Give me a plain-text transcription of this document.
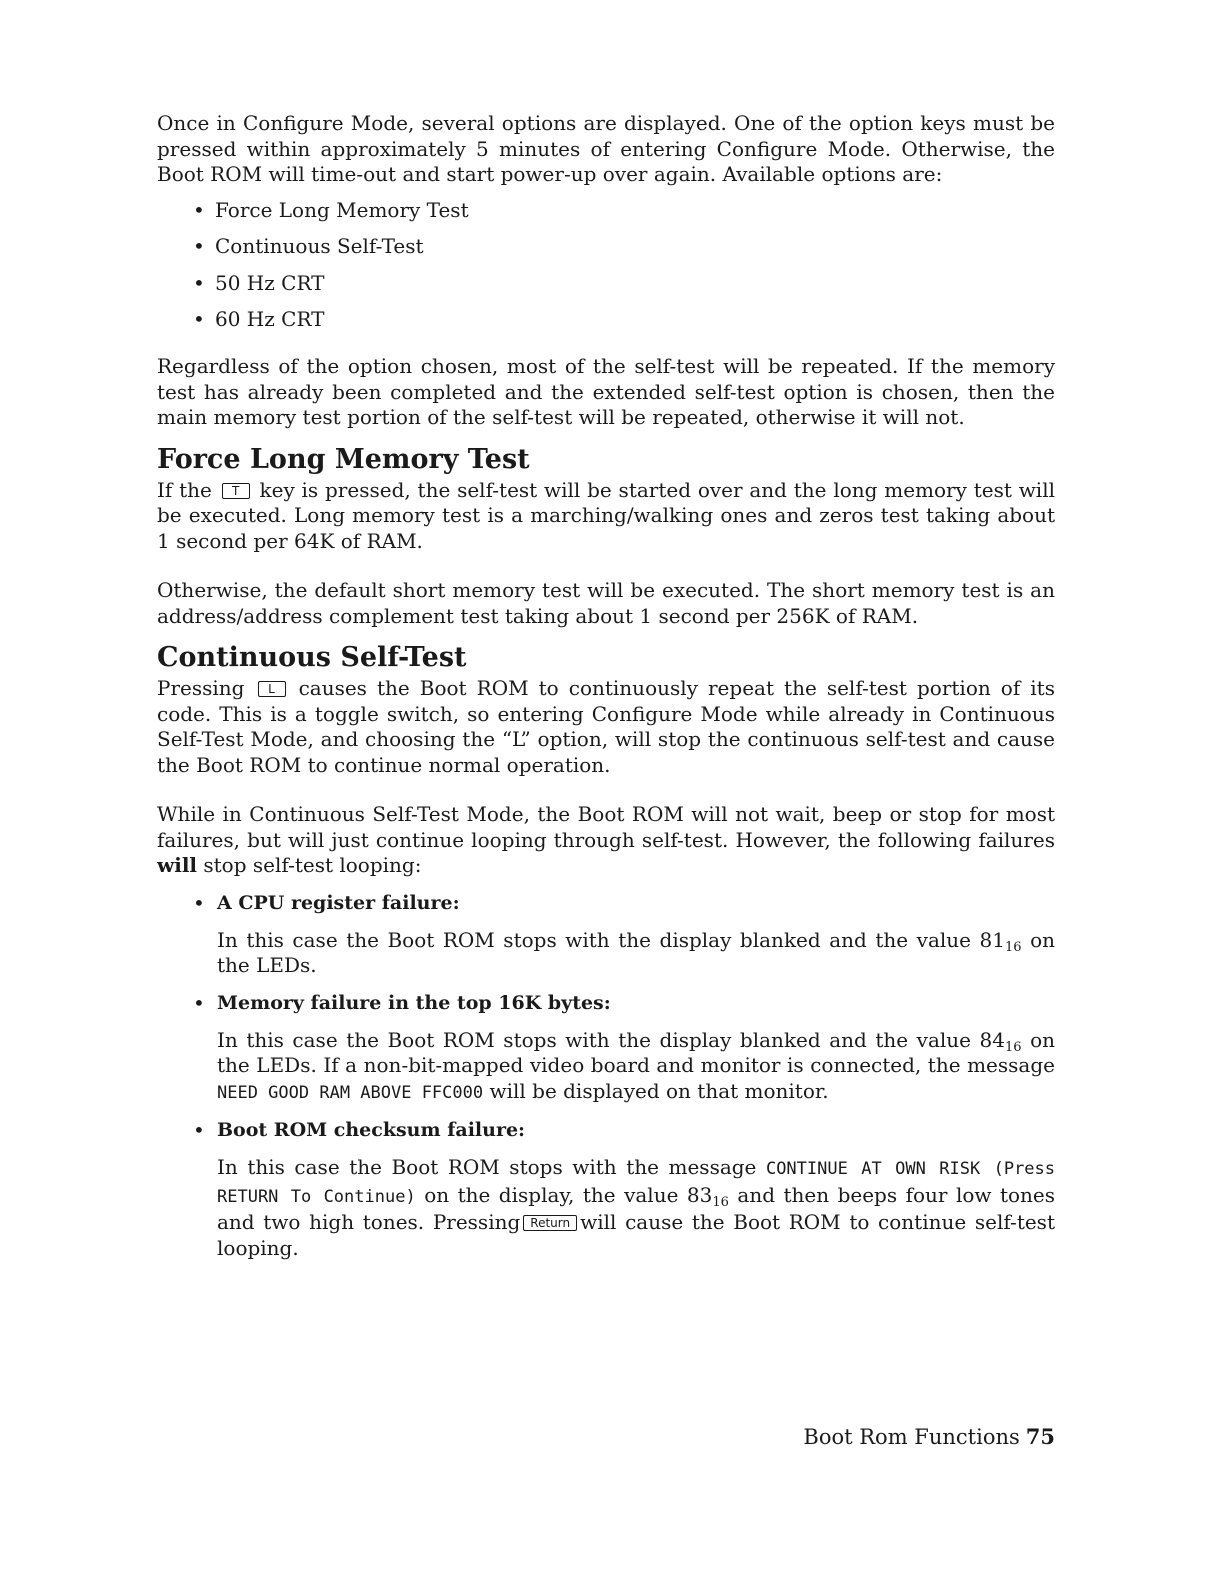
Once in Configure Mode, several options are displayed. One of the option keys must be pressed within approximately 5 minutes of entering Configure Mode. Otherwise, the Boot ROM will time-out and start power-up over again. Available options are:

• Force Long Memory Test
• Continuous Self-Test
• 50 Hz CRT
• 60 Hz CRT

Regardless of the option chosen, most of the self-test will be repeated. If the memory test has already been completed and the extended self-test option is chosen, then the main memory test portion of the self-test will be repeated, otherwise it will not.

Force Long Memory Test

If the T key is pressed, the self-test will be started over and the long memory test will be executed. Long memory test is a marching/walking ones and zeros test taking about 1 second per 64K of RAM.

Otherwise, the default short memory test will be executed. The short memory test is an address/address complement test taking about 1 second per 256K of RAM.

Continuous Self-Test

Pressing L causes the Boot ROM to continuously repeat the self-test portion of its code. This is a toggle switch, so entering Configure Mode while already in Continuous Self-Test Mode, and choosing the “L” option, will stop the continuous self-test and cause the Boot ROM to continue normal operation.

While in Continuous Self-Test Mode, the Boot ROM will not wait, beep or stop for most failures, but will just continue looping through self-test. However, the following failures will stop self-test looping:

• A CPU register failure:

In this case the Boot ROM stops with the display blanked and the value $81_{16}$ on the LEDs.

• Memory failure in the top 16K bytes:

In this case the Boot ROM stops with the display blanked and the value $84_{16}$ on the LEDs. If a non-bit-mapped video board and monitor is connected, the message NEED GOOD RAM ABOVE FFC000 will be displayed on that monitor.

• Boot ROM checksum failure:

In this case the Boot ROM stops with the message CONTINUE AT OWN RISK (Press RETURN To Continue) on the display, the value $83_{16}$ and then beeps four low tones and two high tones. Pressing Return will cause the Boot ROM to continue self-test looping.

Boot Rom Functions 75
